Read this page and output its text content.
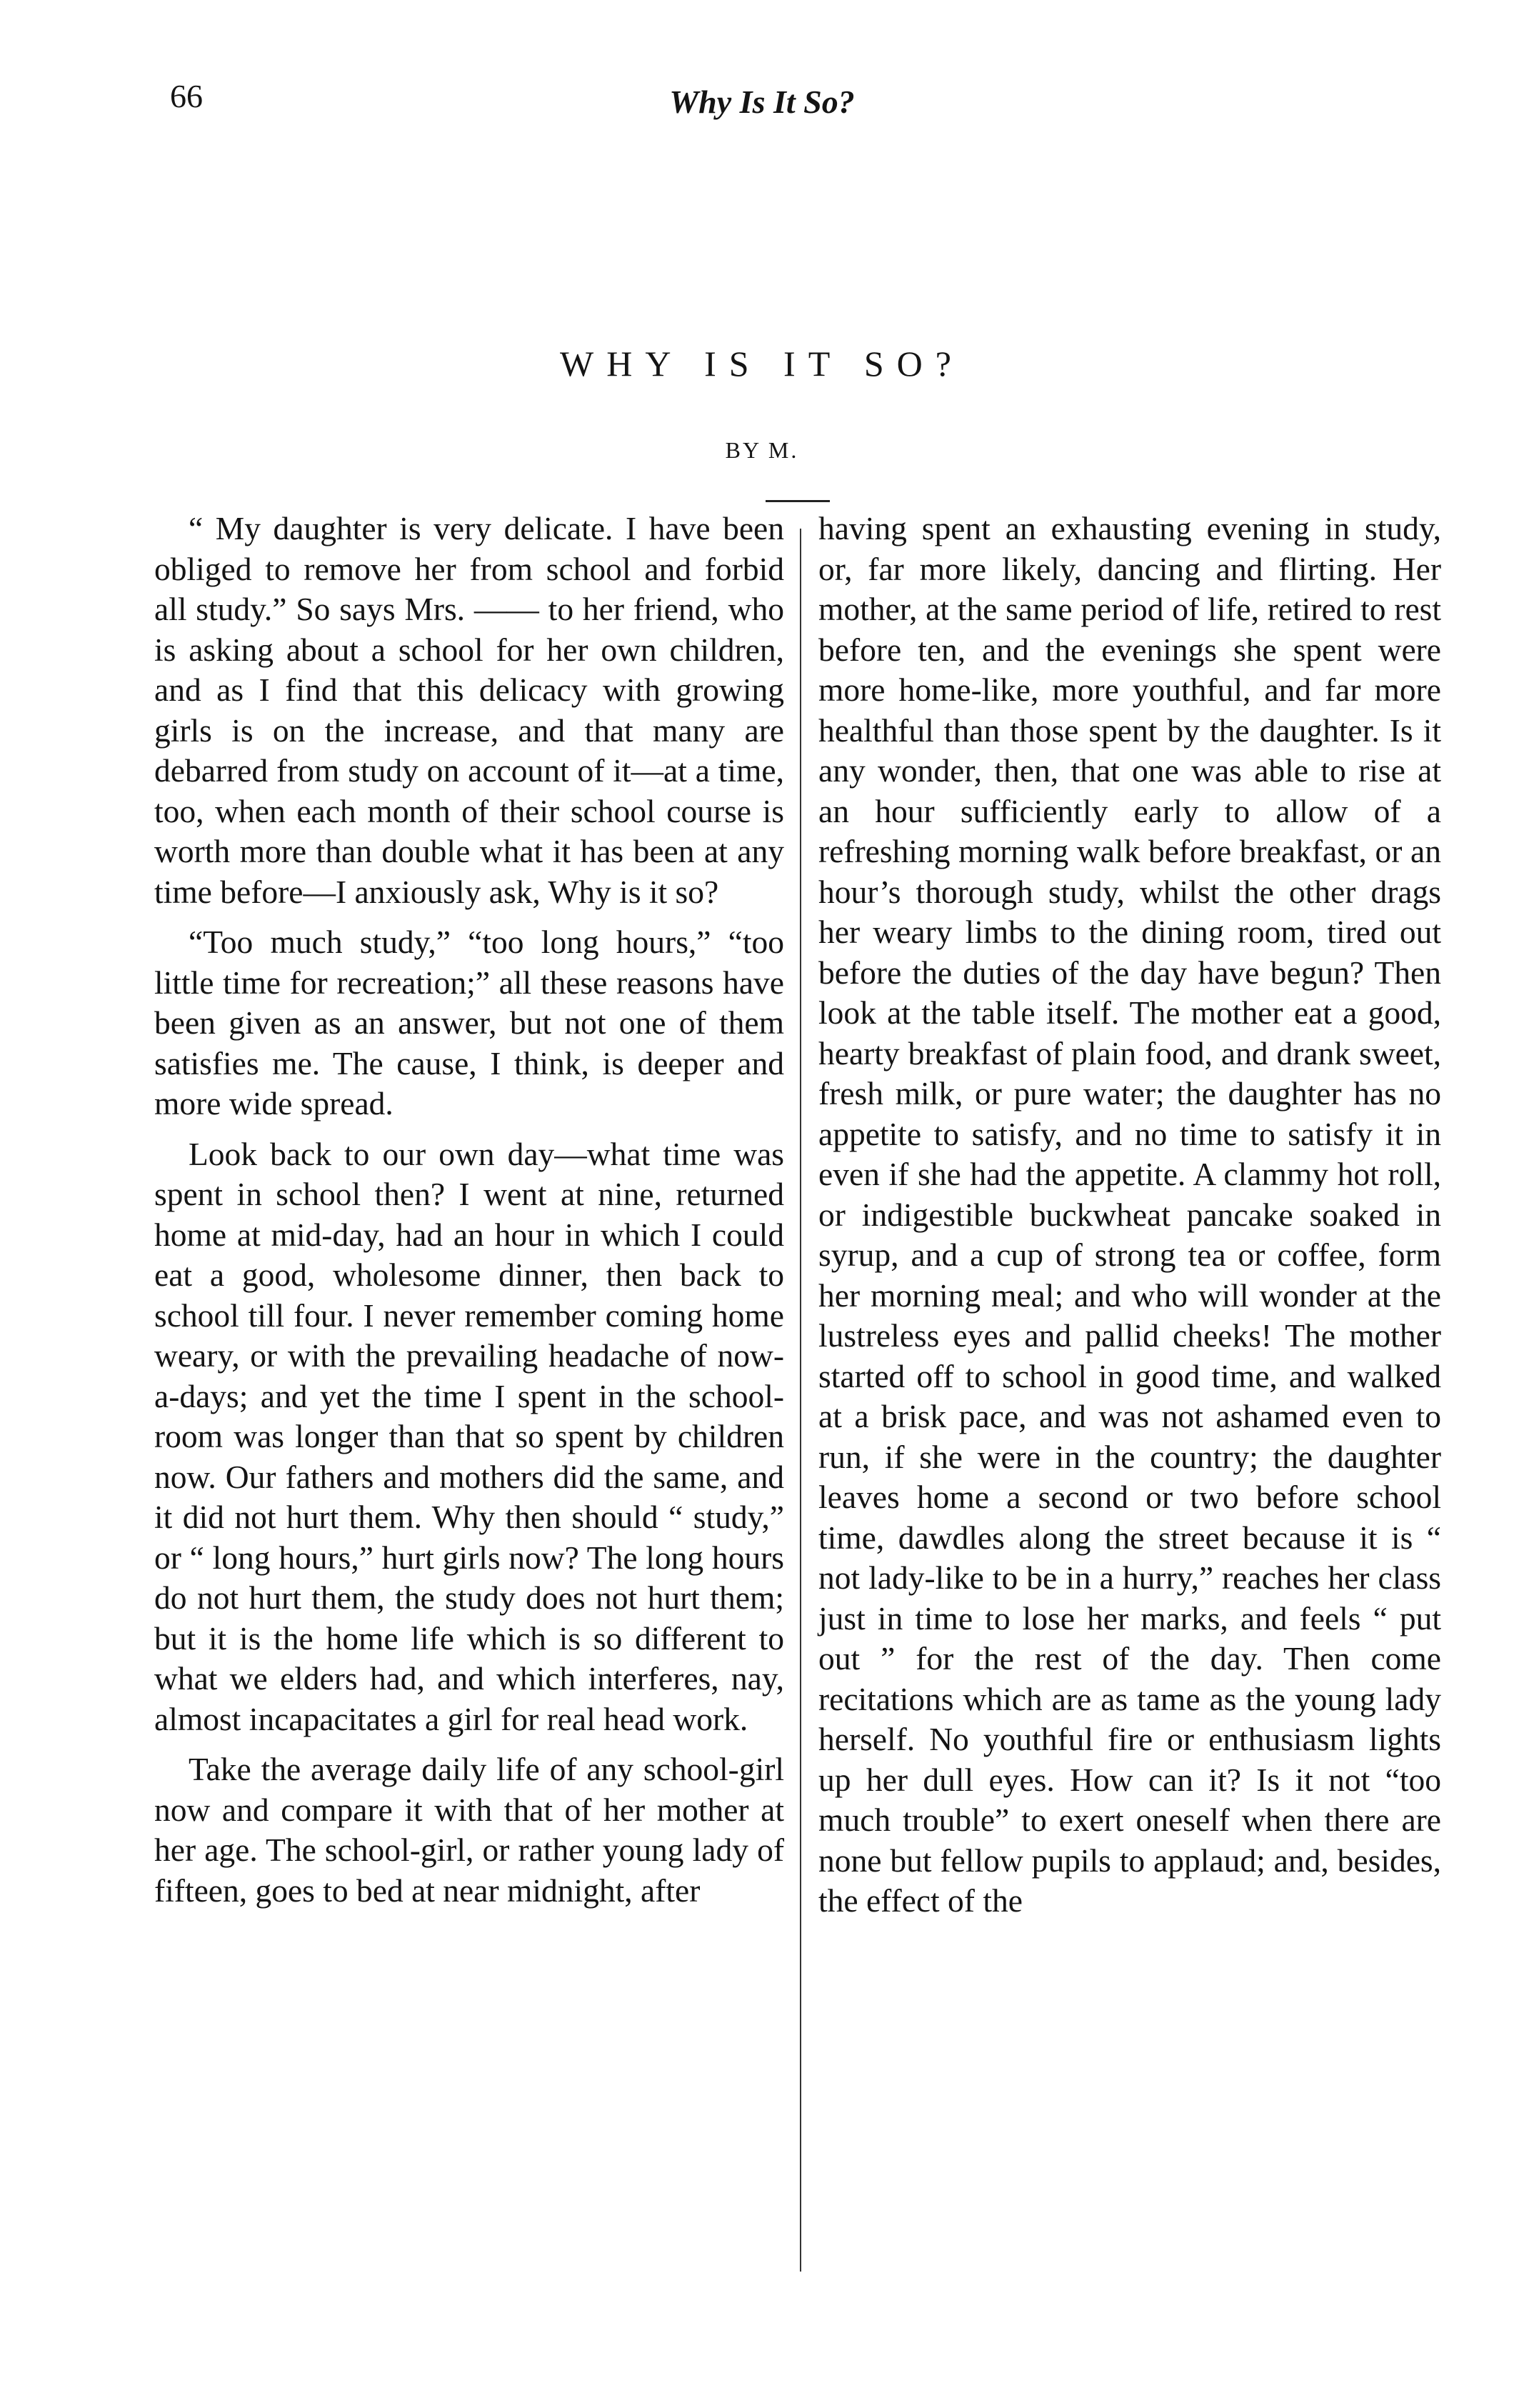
66	Why Is It So?
WHY IS IT SO?
BY M.

“ My daughter is very delicate. I have been obliged to remove her from school and forbid all study.” So says Mrs. —— to her friend, who is asking about a school for her own children, and as I find that this delicacy with growing girls is on the increase, and that many are debarred from study on account of it—at a time, too, when each month of their school course is worth more than double what it has been at any time before—I anxiously ask, Why is it so?

“Too much study,” “too long hours,” “too little time for recreation;” all these reasons have been given as an answer, but not one of them satisfies me. The cause, I think, is deeper and more wide spread.

Look back to our own day—what time was spent in school then? I went at nine, returned home at mid-day, had an hour in which I could eat a good, wholesome dinner, then back to school till four. I never remember coming home weary, or with the prevailing headache of now-a-days; and yet the time I spent in the school-room was longer than that so spent by children now. Our fathers and mothers did the same, and it did not hurt them. Why then should “ study,” or “ long hours,” hurt girls now? The long hours do not hurt them, the study does not hurt them; but it is the home life which is so different to what we elders had, and which interferes, nay, almost incapacitates a girl for real head work.

Take the average daily life of any school-girl now and compare it with that of her mother at her age. The school-girl, or rather young lady of fifteen, goes to bed at near midnight, after

having spent an exhausting evening in study, or, far more likely, dancing and flirting. Her mother, at the same period of life, retired to rest before ten, and the evenings she spent were more home-like, more youthful, and far more healthful than those spent by the daughter. Is it any wonder, then, that one was able to rise at an hour sufficiently early to allow of a refreshing morning walk before breakfast, or an hour’s thorough study, whilst the other drags her weary limbs to the dining room, tired out before the duties of the day have begun? Then look at the table itself. The mother eat a good, hearty breakfast of plain food, and drank sweet, fresh milk, or pure water; the daughter has no appetite to satisfy, and no time to satisfy it in even if she had the appetite. A clammy hot roll, or indigestible buckwheat pancake soaked in syrup, and a cup of strong tea or coffee, form her morning meal; and who will wonder at the lustreless eyes and pallid cheeks! The mother started off to school in good time, and walked at a brisk pace, and was not ashamed even to run, if she were in the country; the daughter leaves home a second or two before school time, dawdles along the street because it is “ not lady-like to be in a hurry,” reaches her class just in time to lose her marks, and feels “ put out ” for the rest of the day. Then come recitations which are as tame as the young lady herself. No youthful fire or enthusiasm lights up her dull eyes. How can it? Is it not “too much trouble” to exert oneself when there are none but fellow pupils to applaud; and, besides, the effect of the
